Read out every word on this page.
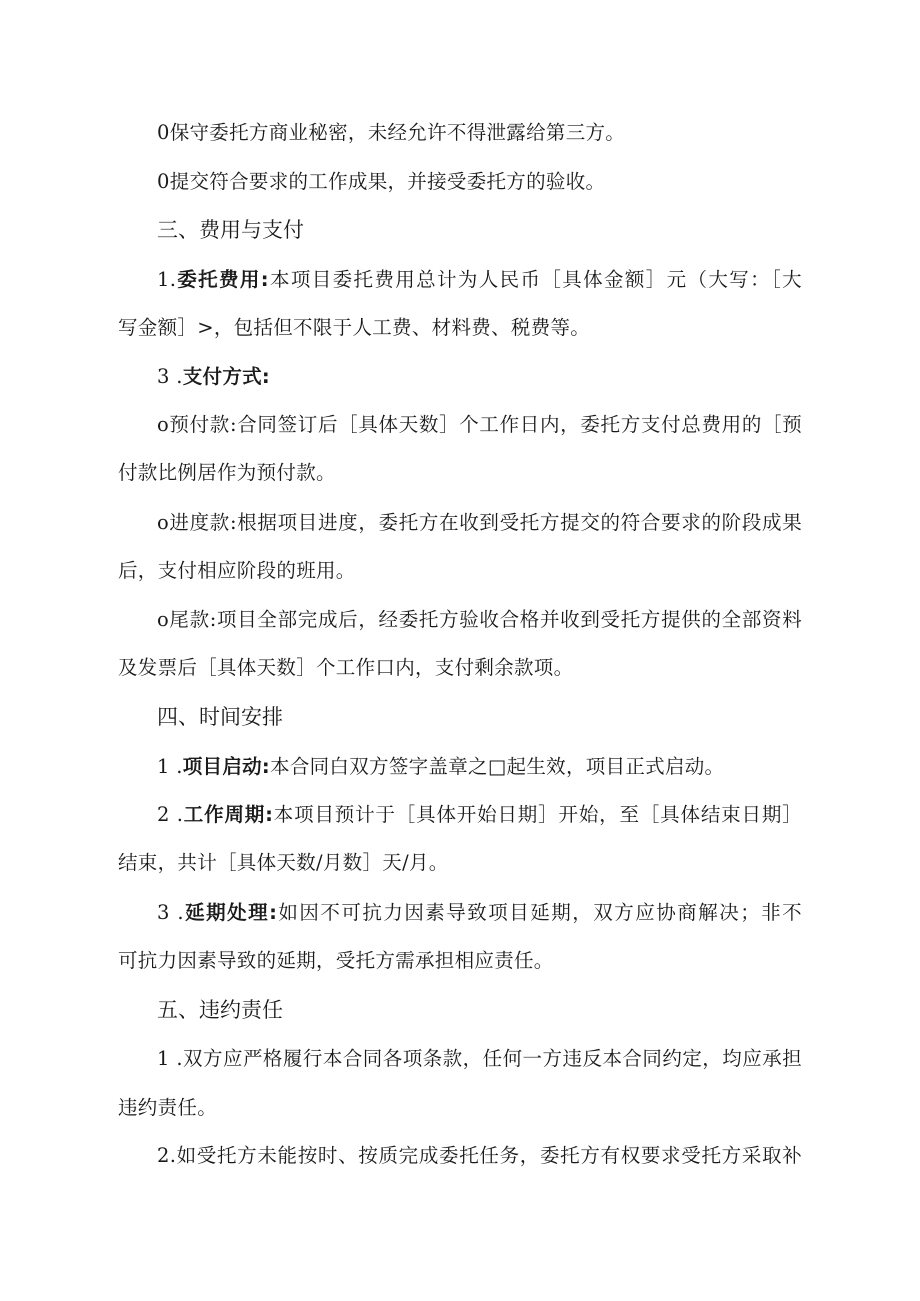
0保守委托方商业秘密，未经允许不得泄露给第三方。
0提交符合要求的工作成果，并接受委托方的验收。
三、费用与支付
1.委托费用:本项目委托费用总计为人民币［具体金额］元（大写：［大
写金额］>，包括但不限于人工费、材料费、税费等。
3 .支付方式:
o预付款:合同签订后［具体天数］个工作日内，委托方支付总费用的［预
付款比例居作为预付款。
o进度款:根据项目进度，委托方在收到受托方提交的符合要求的阶段成果
后，支付相应阶段的班用。
o尾款:项目全部完成后，经委托方验收合格并收到受托方提供的全部资料
及发票后［具体天数］个工作口内，支付剩余款项。
四、时间安排
1 .项目启动:本合同白双方签字盖章之□起生效，项目正式启动。
2 .工作周期:本项目预计于［具体开始日期］开始，至［具体结束日期］
结束，共计［具体天数/月数］天/月。
3 .延期处理:如因不可抗力因素导致项目延期，双方应协商解决；非不
可抗力因素导致的延期，受托方需承担相应责任。
五、违约责任
1 .双方应严格履行本合同各项条款，任何一方违反本合同约定，均应承担
违约责任。
2.如受托方未能按时、按质完成委托任务，委托方有权要求受托方采取补
